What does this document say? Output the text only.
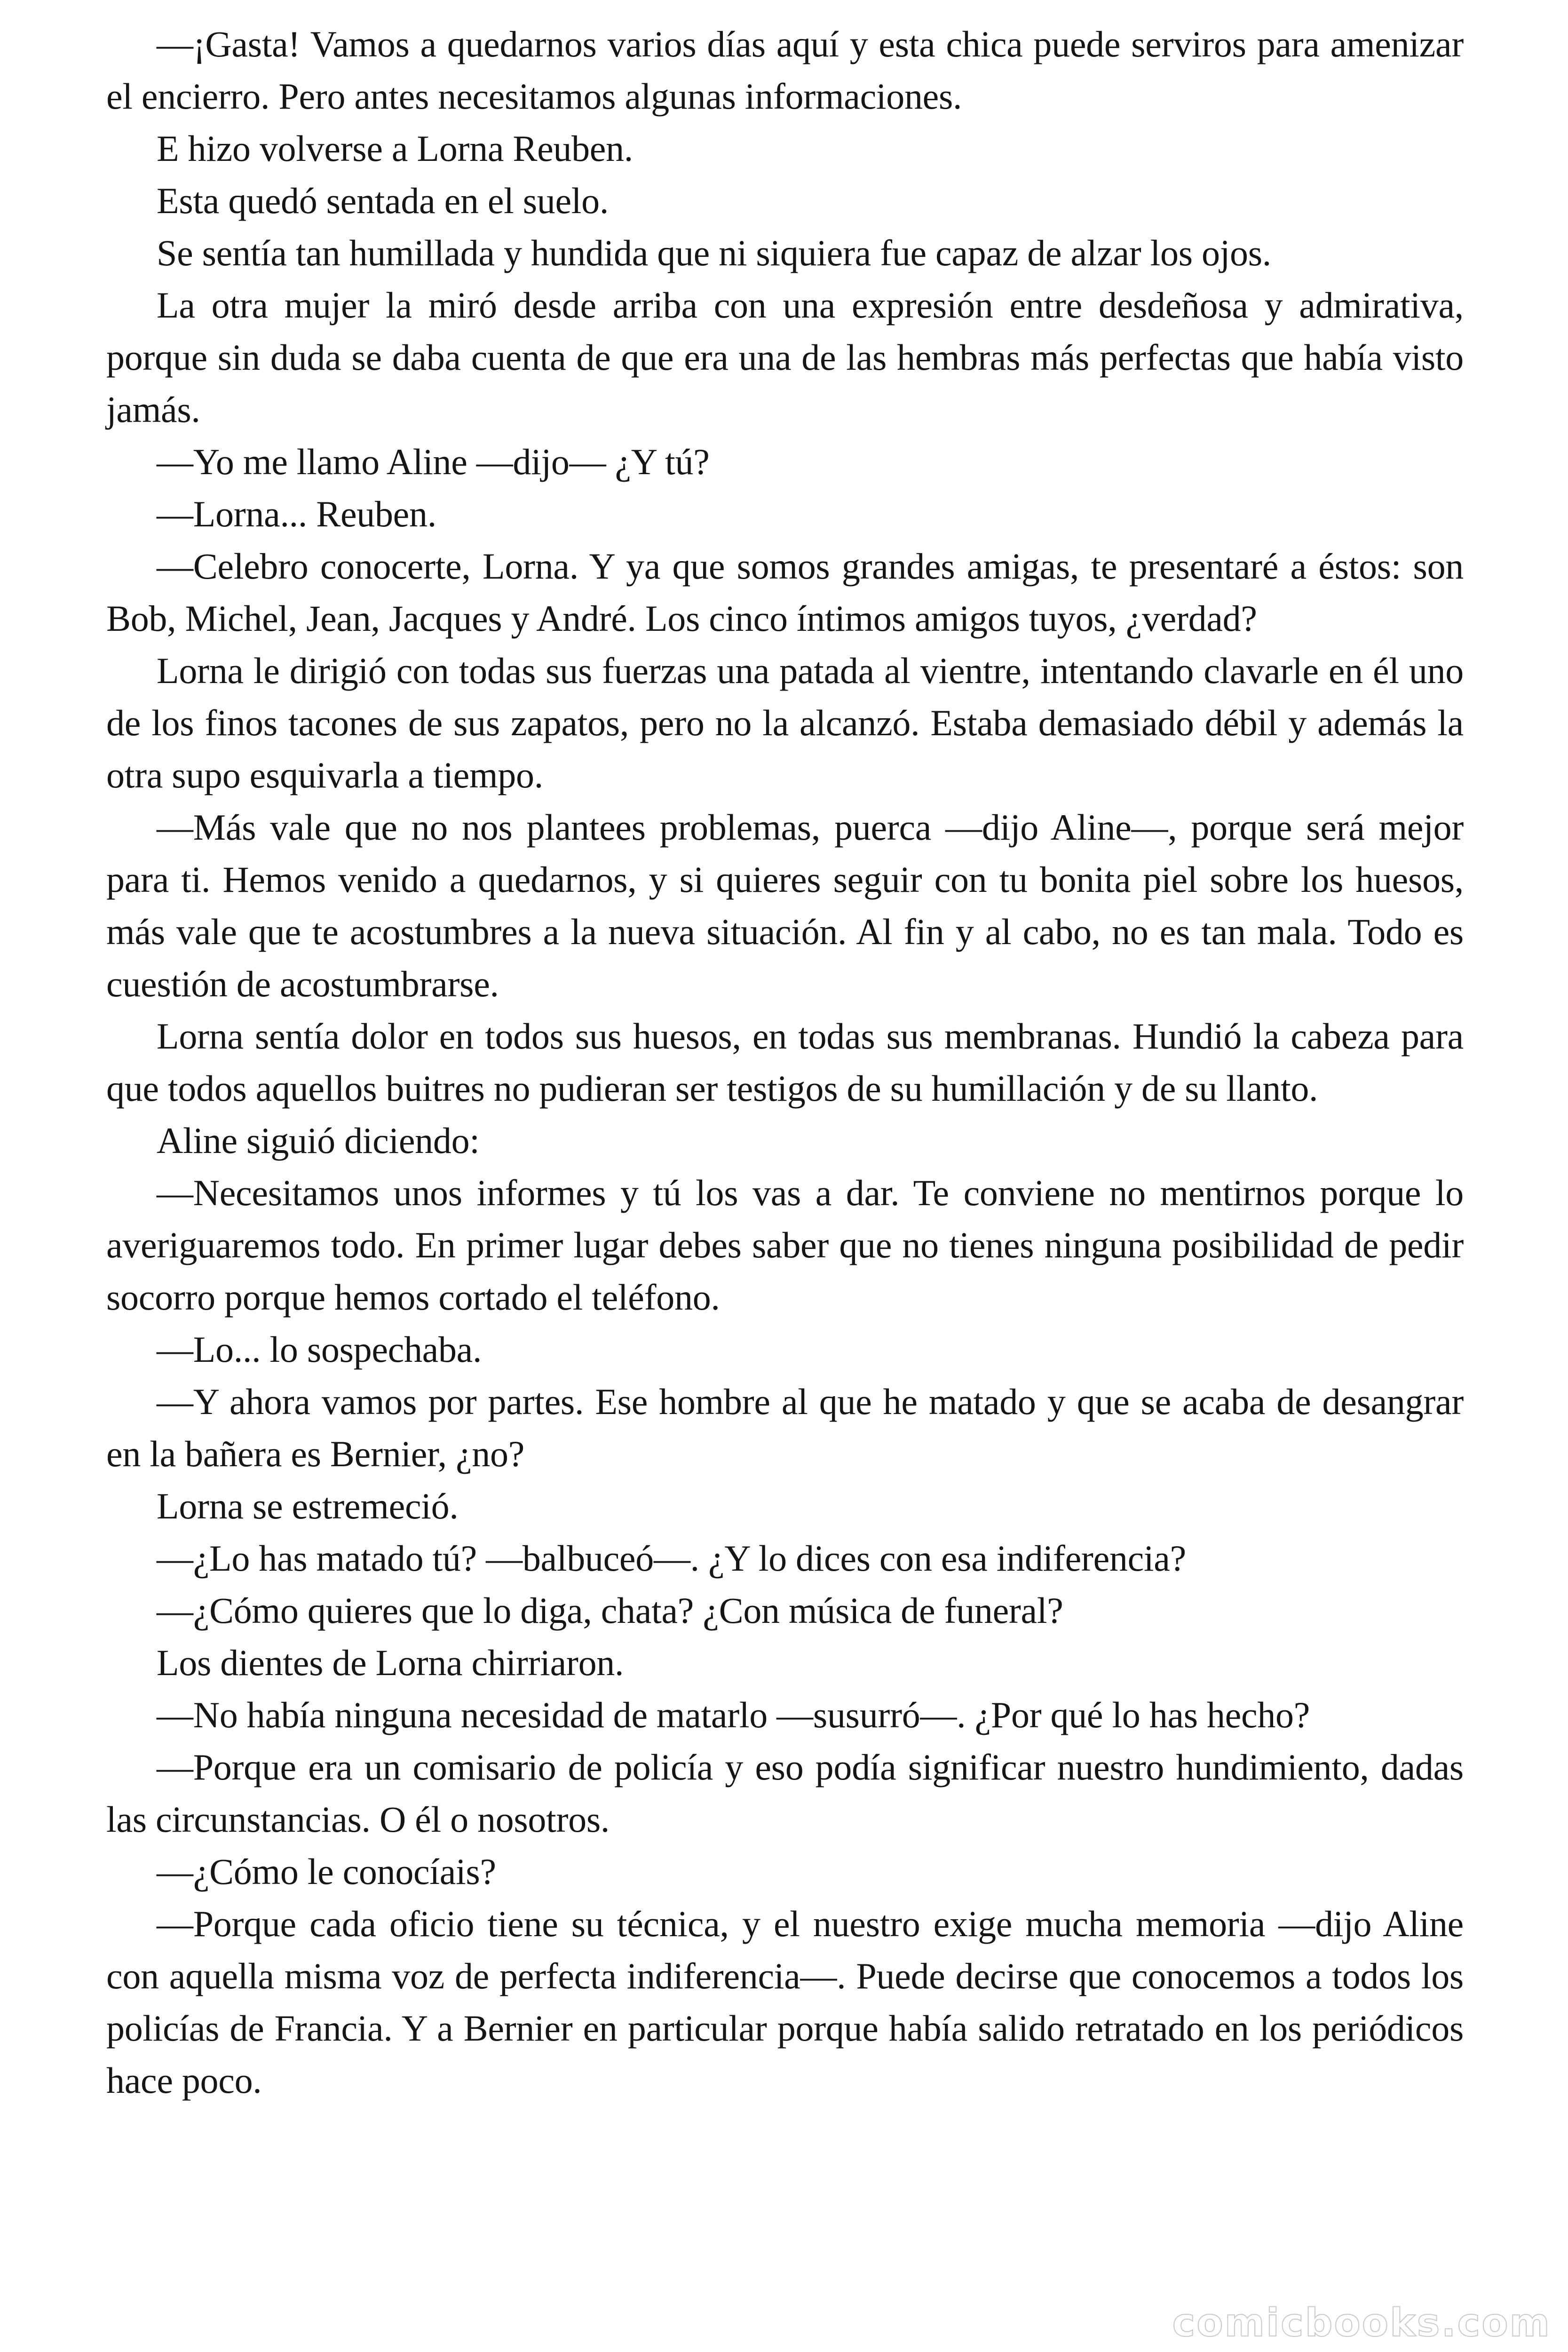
—¡Gasta! Vamos a quedarnos varios días aquí y esta chica puede serviros para amenizar el encierro. Pero antes necesitamos algunas informaciones.

E hizo volverse a Lorna Reuben.

Esta quedó sentada en el suelo.

Se sentía tan humillada y hundida que ni siquiera fue capaz de alzar los ojos.

La otra mujer la miró desde arriba con una expresión entre desdeñosa y admirativa, porque sin duda se daba cuenta de que era una de las hembras más perfectas que había visto jamás.

—Yo me llamo Aline —dijo— ¿Y tú?

—Lorna... Reuben.

—Celebro conocerte, Lorna. Y ya que somos grandes amigas, te presentaré a éstos: son Bob, Michel, Jean, Jacques y André. Los cinco íntimos amigos tuyos, ¿verdad?

Lorna le dirigió con todas sus fuerzas una patada al vientre, intentando clavarle en él uno de los finos tacones de sus zapatos, pero no la alcanzó. Estaba demasiado débil y además la otra supo esquivarla a tiempo.

—Más vale que no nos plantees problemas, puerca —dijo Aline—, porque será mejor para ti. Hemos venido a quedarnos, y si quieres seguir con tu bonita piel sobre los huesos, más vale que te acostumbres a la nueva situación. Al fin y al cabo, no es tan mala. Todo es cuestión de acostumbrarse.

Lorna sentía dolor en todos sus huesos, en todas sus membranas. Hundió la cabeza para que todos aquellos buitres no pudieran ser testigos de su humillación y de su llanto.

Aline siguió diciendo:

—Necesitamos unos informes y tú los vas a dar. Te conviene no mentirnos porque lo averiguaremos todo. En primer lugar debes saber que no tienes ninguna posibilidad de pedir socorro porque hemos cortado el teléfono.

—Lo... lo sospechaba.

—Y ahora vamos por partes. Ese hombre al que he matado y que se acaba de desangrar en la bañera es Bernier, ¿no?

Lorna se estremeció.

—¿Lo has matado tú? —balbuceó—. ¿Y lo dices con esa indiferencia?

—¿Cómo quieres que lo diga, chata? ¿Con música de funeral?

Los dientes de Lorna chirriaron.

—No había ninguna necesidad de matarlo —susurró—. ¿Por qué lo has hecho?

—Porque era un comisario de policía y eso podía significar nuestro hundimiento, dadas las circunstancias. O él o nosotros.

—¿Cómo le conocíais?

—Porque cada oficio tiene su técnica, y el nuestro exige mucha memoria —dijo Aline con aquella misma voz de perfecta indiferencia—. Puede decirse que conocemos a todos los policías de Francia. Y a Bernier en particular porque había salido retratado en los periódicos hace poco.

comicbooks.com
